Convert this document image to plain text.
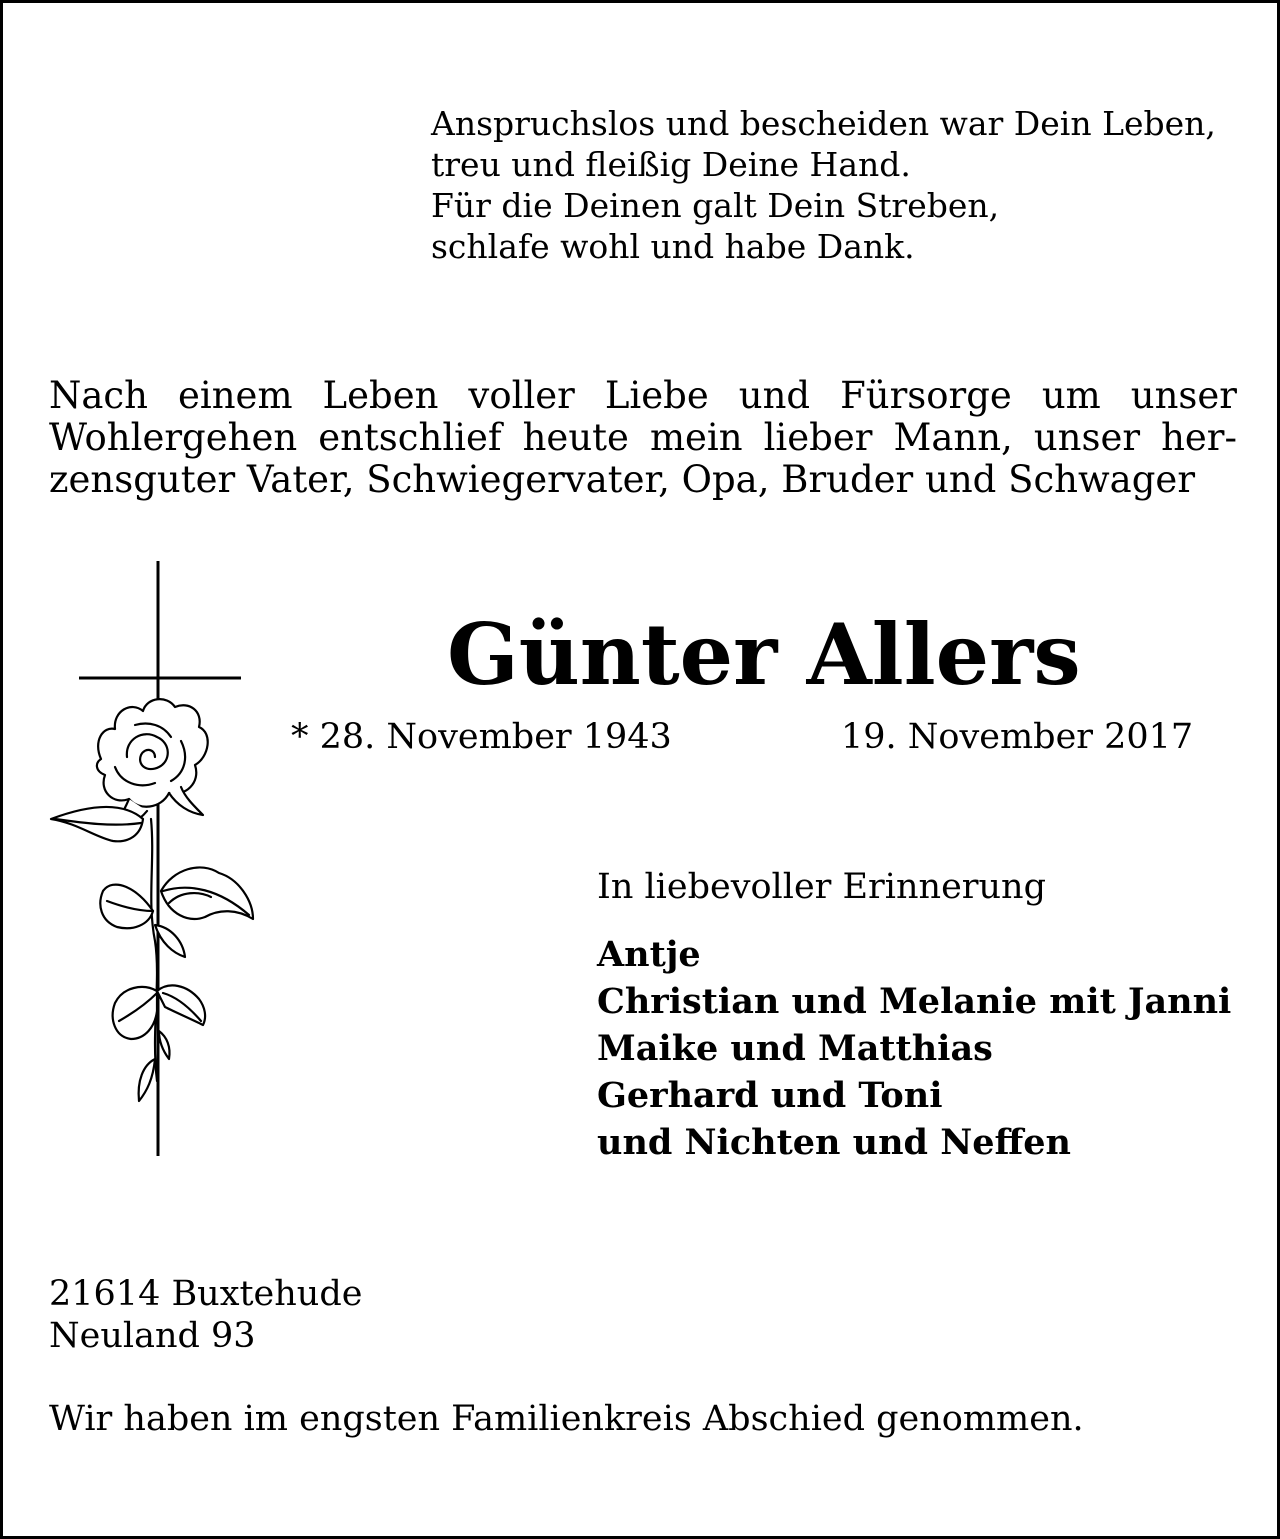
Anspruchslos und bescheiden war Dein Leben,
treu und fleißig Deine Hand.
Für die Deinen galt Dein Streben,
schlafe wohl und habe Dank.
Nach einem Leben voller Liebe und Fürsorge um unser
Wohlergehen entschlief heute mein lieber Mann, unser her-
zensguter Vater, Schwiegervater, Opa, Bruder und Schwager
Günter Allers
* 28. November 1943	19. November 2017
In liebevoller Erinnerung
Antje
Christian und Melanie mit Janni
Maike und Matthias
Gerhard und Toni
und Nichten und Neffen
21614 Buxtehude
Neuland 93
Wir haben im engsten Familienkreis Abschied genommen.
